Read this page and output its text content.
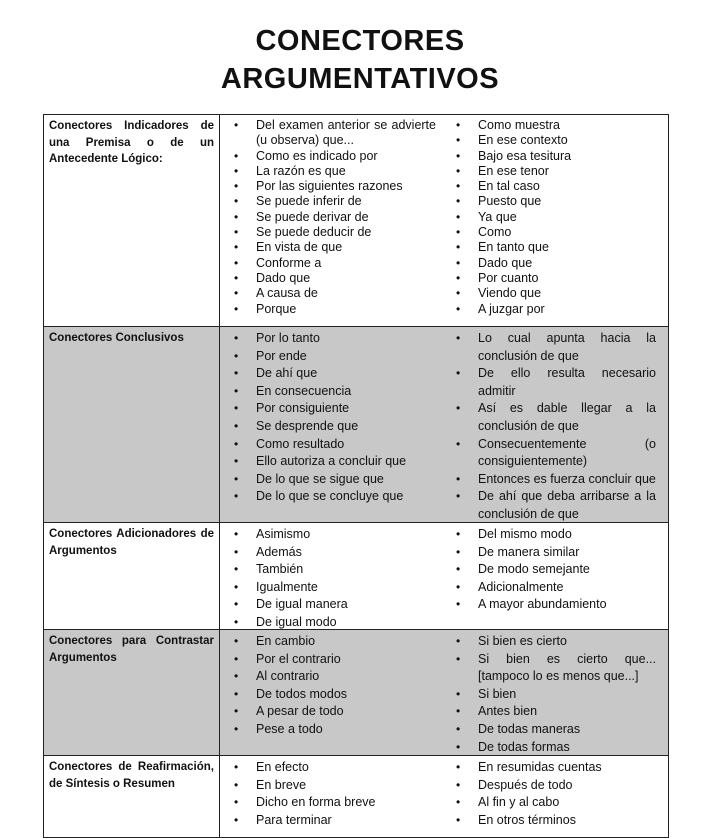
CONECTORES
ARGUMENTATIVOS
Conectores Indicadores de una Premisa o de un Antecedente Lógico:
• Del examen anterior se advierte (u observa) que...
• Como es indicado por
• La razón es que
• Por las siguientes razones
• Se puede inferir de
• Se puede derivar de
• Se puede deducir de
• En vista de que
• Conforme a
• Dado que
• A causa de
• Porque
• Como muestra
• En ese contexto
• Bajo esa tesitura
• En ese tenor
• En tal caso
• Puesto que
• Ya que
• Como
• En tanto que
• Dado que
• Por cuanto
• Viendo que
• A juzgar por
Conectores Conclusivos
•	Por lo tanto
• Por ende
• De ahí que
• En consecuencia
• Por consiguiente
• Se desprende que
• Como resultado
• Ello autoriza a concluir que
• De lo que se sigue que
• De lo que se concluye que
• Lo cual apunta hacia la conclusión de que
• De ello resulta necesario admitir
• Así es dable llegar a la conclusión de que
• Consecuentemente (o consiguientemente)
• Entonces es fuerza concluir que
• De ahí que deba arribarse a la conclusión de que
Conectores Adicionadores de Argumentos
• Asimismo
• Además
• También
• Igualmente
• De igual manera
• De igual modo
• Del mismo modo
• De manera similar
• De modo semejante
• Adicionalmente
• A mayor abundamiento
Conectores para Contrastar Argumentos
• En cambio
• Por el contrario
• Al contrario
• De todos modos
• A pesar de todo
• Pese a todo
• Si bien es cierto
• Si bien es cierto que... [tampoco lo es menos que...]
• Si bien
• Antes bien
• De todas maneras
• De todas formas
Conectores de Reafirmación, de Síntesis o Resumen
• En efecto
• En breve
• Dicho en forma breve
• Para terminar
• En resumidas cuentas
• Después de todo
• Al fin y al cabo
• En otros términos
